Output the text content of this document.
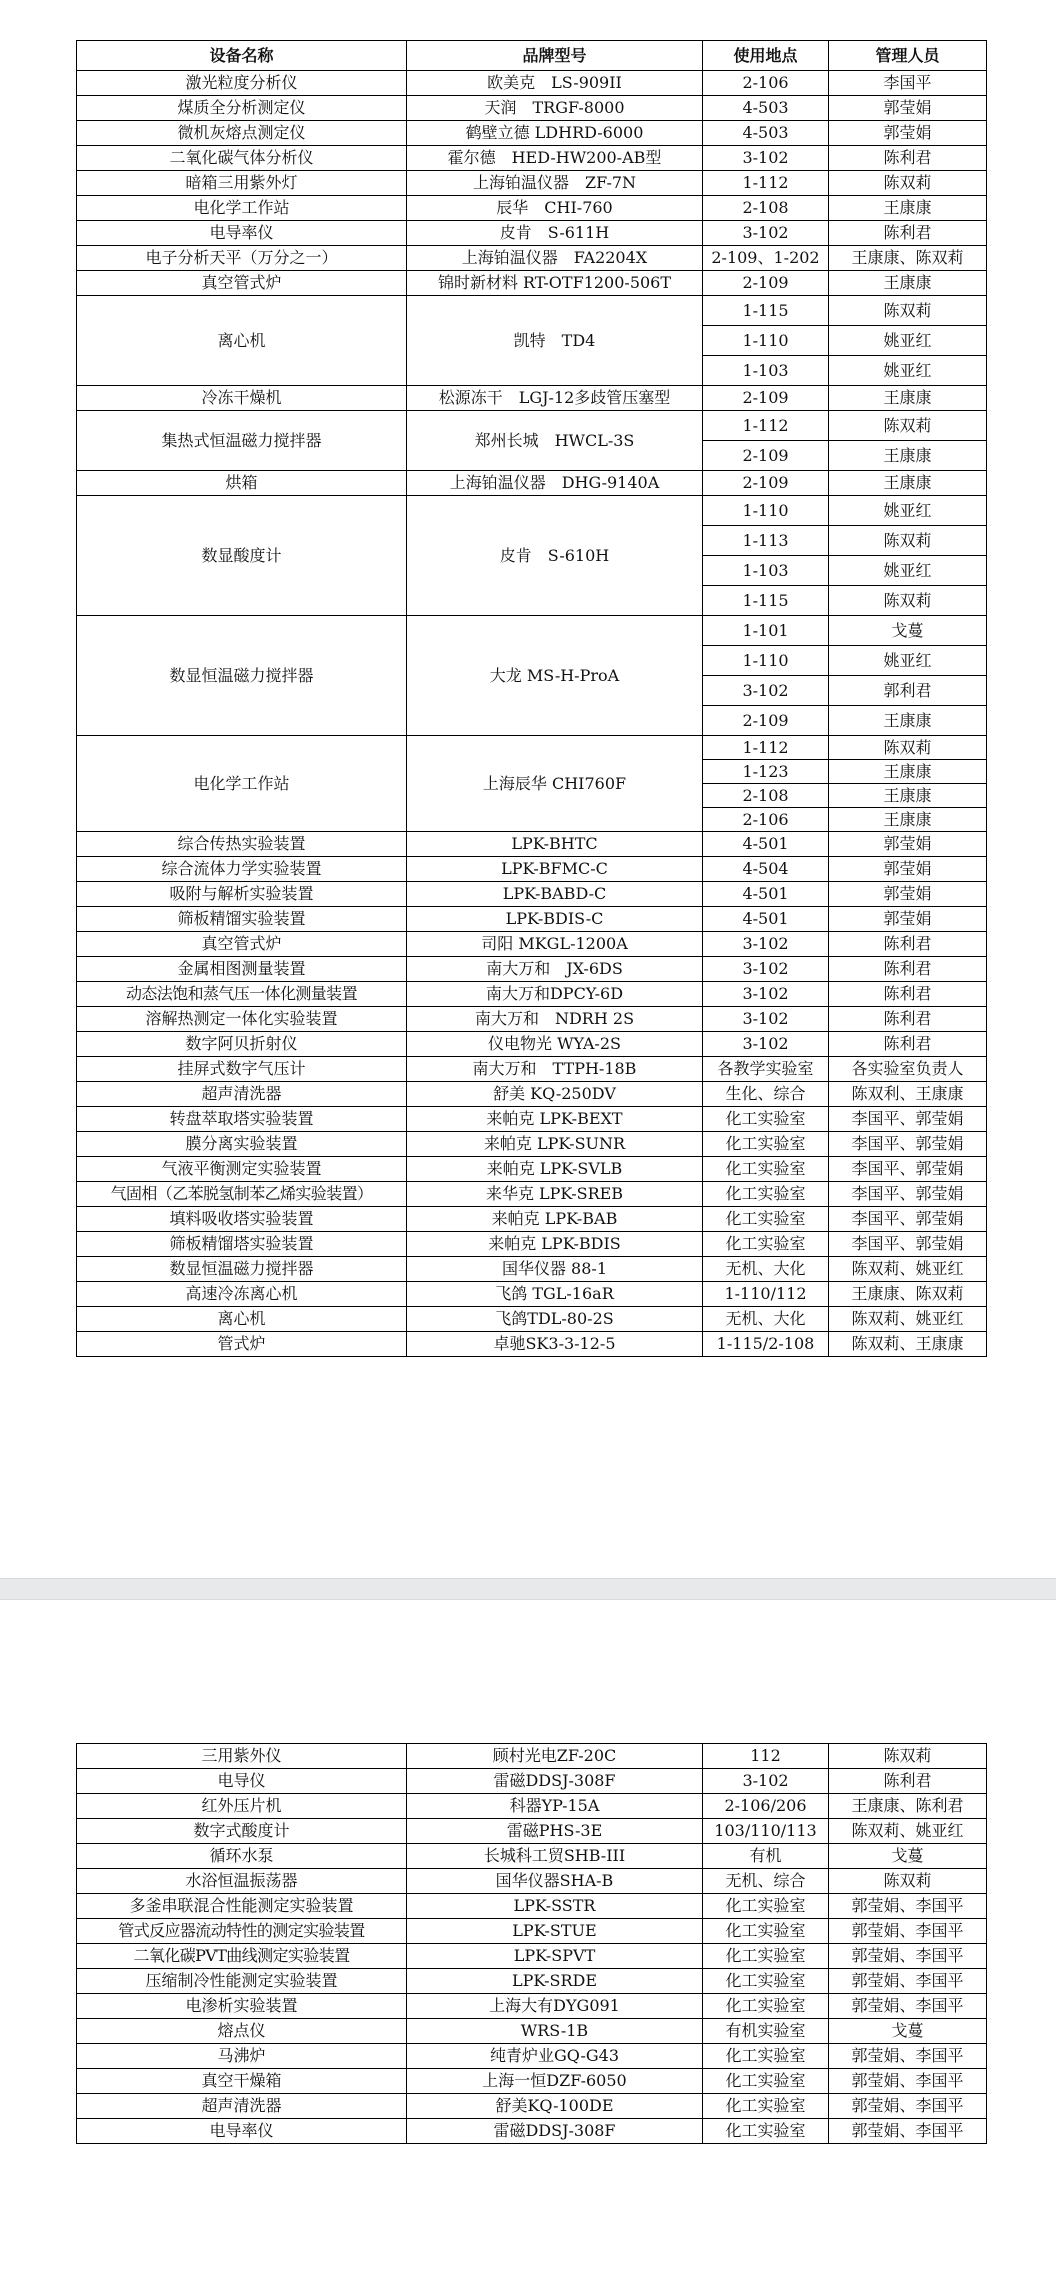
设备名称	品牌型号	使用地点	管理人员
激光粒度分析仪	欧美克　LS-909II	2-106	李国平
煤质全分析测定仪	天润　TRGF-8000	4-503	郭莹娟
微机灰熔点测定仪	鹤壁立德 LDHRD-6000	4-503	郭莹娟
二氧化碳气体分析仪	霍尔德　HED-HW200-AB型	3-102	陈利君
暗箱三用紫外灯	上海铂温仪器　ZF-7N	1-112	陈双莉
电化学工作站	辰华　CHI-760	2-108	王康康
电导率仪	皮肯　S-611H	3-102	陈利君
电子分析天平（万分之一）	上海铂温仪器　FA2204X	2-109、1-202	王康康、陈双莉
真空管式炉	锦时新材料 RT-OTF1200-506T	2-109	王康康
离心机	凯特　TD4	1-115	陈双莉
		1-110	姚亚红
		1-103	姚亚红
冷冻干燥机	松源冻干　LGJ-12多歧管压塞型	2-109	王康康
集热式恒温磁力搅拌器	郑州长城　HWCL-3S	1-112	陈双莉
		2-109	王康康
烘箱	上海铂温仪器　DHG-9140A	2-109	王康康
数显酸度计	皮肯　S-610H	1-110	姚亚红
		1-113	陈双莉
		1-103	姚亚红
		1-115	陈双莉
数显恒温磁力搅拌器	大龙 MS-H-ProA	1-101	戈蔓
		1-110	姚亚红
		3-102	郭利君
		2-109	王康康
电化学工作站	上海辰华 CHI760F	1-112	陈双莉
		1-123	王康康
		2-108	王康康
		2-106	王康康
综合传热实验装置	LPK-BHTC	4-501	郭莹娟
综合流体力学实验装置	LPK-BFMC-C	4-504	郭莹娟
吸附与解析实验装置	LPK-BABD-C	4-501	郭莹娟
筛板精馏实验装置	LPK-BDIS-C	4-501	郭莹娟
真空管式炉	司阳 MKGL-1200A	3-102	陈利君
金属相图测量装置	南大万和　JX-6DS	3-102	陈利君
动态法饱和蒸气压一体化测量装置	南大万和DPCY-6D	3-102	陈利君
溶解热测定一体化实验装置	南大万和　NDRH 2S	3-102	陈利君
数字阿贝折射仪	仪电物光 WYA-2S	3-102	陈利君
挂屏式数字气压计	南大万和　TTPH-18B	各教学实验室	各实验室负责人
超声清洗器	舒美 KQ-250DV	生化、综合	陈双利、王康康
转盘萃取塔实验装置	来帕克 LPK-BEXT	化工实验室	李国平、郭莹娟
膜分离实验装置	来帕克 LPK-SUNR	化工实验室	李国平、郭莹娟
气液平衡测定实验装置	来帕克 LPK-SVLB	化工实验室	李国平、郭莹娟
气固相（乙苯脱氢制苯乙烯实验装置）	来华克 LPK-SREB	化工实验室	李国平、郭莹娟
填料吸收塔实验装置	来帕克 LPK-BAB	化工实验室	李国平、郭莹娟
筛板精馏塔实验装置	来帕克 LPK-BDIS	化工实验室	李国平、郭莹娟
数显恒温磁力搅拌器	国华仪器 88-1	无机、大化	陈双莉、姚亚红
高速冷冻离心机	飞鸽 TGL-16aR	1-110/112	王康康、陈双莉
离心机	飞鸽TDL-80-2S	无机、大化	陈双莉、姚亚红
管式炉	卓驰SK3-3-12-5	1-115/2-108	陈双莉、王康康
三用紫外仪	顾村光电ZF-20C	112	陈双莉
电导仪	雷磁DDSJ-308F	3-102	陈利君
红外压片机	科器YP-15A	2-106/206	王康康、陈利君
数字式酸度计	雷磁PHS-3E	103/110/113	陈双莉、姚亚红
循环水泵	长城科工贸SHB-III	有机	戈蔓
水浴恒温振荡器	国华仪器SHA-B	无机、综合	陈双莉
多釜串联混合性能测定实验装置	LPK-SSTR	化工实验室	郭莹娟、李国平
管式反应器流动特性的测定实验装置	LPK-STUE	化工实验室	郭莹娟、李国平
二氧化碳PVT曲线测定实验装置	LPK-SPVT	化工实验室	郭莹娟、李国平
压缩制冷性能测定实验装置	LPK-SRDE	化工实验室	郭莹娟、李国平
电渗析实验装置	上海大有DYG091	化工实验室	郭莹娟、李国平
熔点仪	WRS-1B	有机实验室	戈蔓
马沸炉	纯青炉业GQ-G43	化工实验室	郭莹娟、李国平
真空干燥箱	上海一恒DZF-6050	化工实验室	郭莹娟、李国平
超声清洗器	舒美KQ-100DE	化工实验室	郭莹娟、李国平
电导率仪	雷磁DDSJ-308F	化工实验室	郭莹娟、李国平
